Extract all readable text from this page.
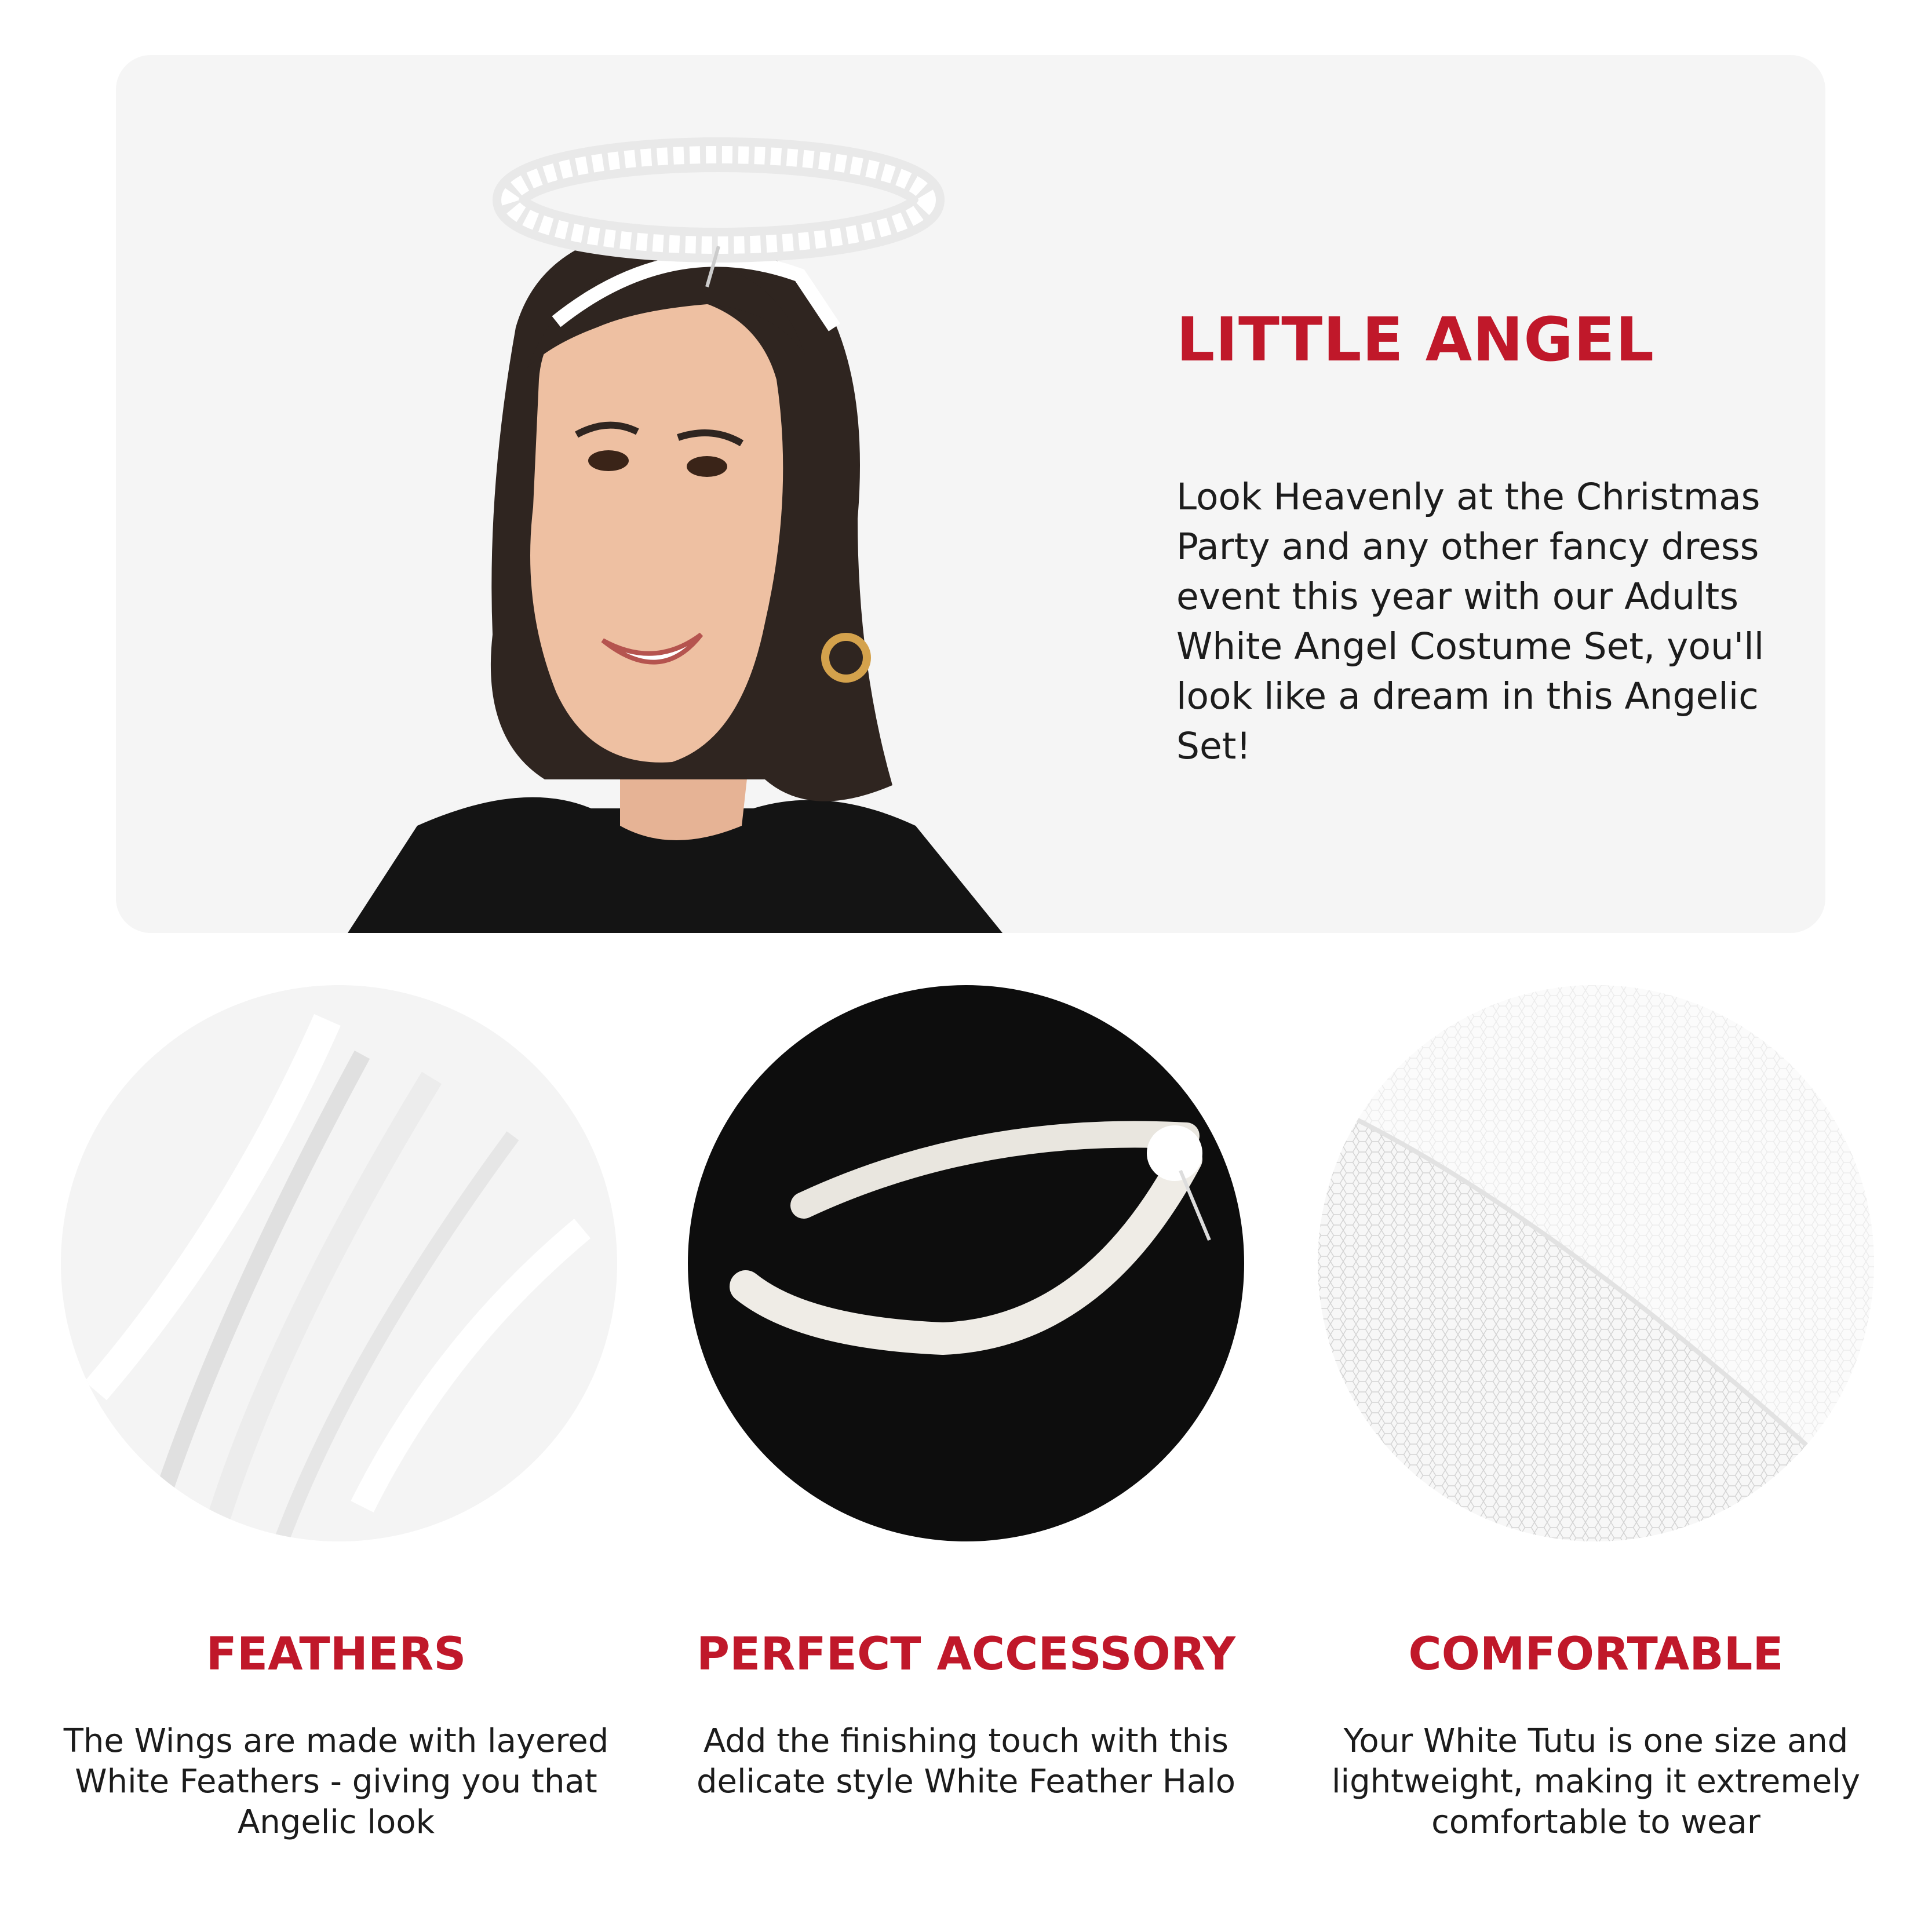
LITTLE ANGEL

Look Heavenly at the Christmas Party and any other fancy dress event this year with our Adults White Angel Costume Set, you'll look like a dream in this Angelic Set!

FEATHERS

The Wings are made with layered White Feathers - giving you that Angelic look

PERFECT ACCESSORY

Add the finishing touch with this delicate style White Feather Halo

COMFORTABLE

Your White Tutu is one size and lightweight, making it extremely comfortable to wear
